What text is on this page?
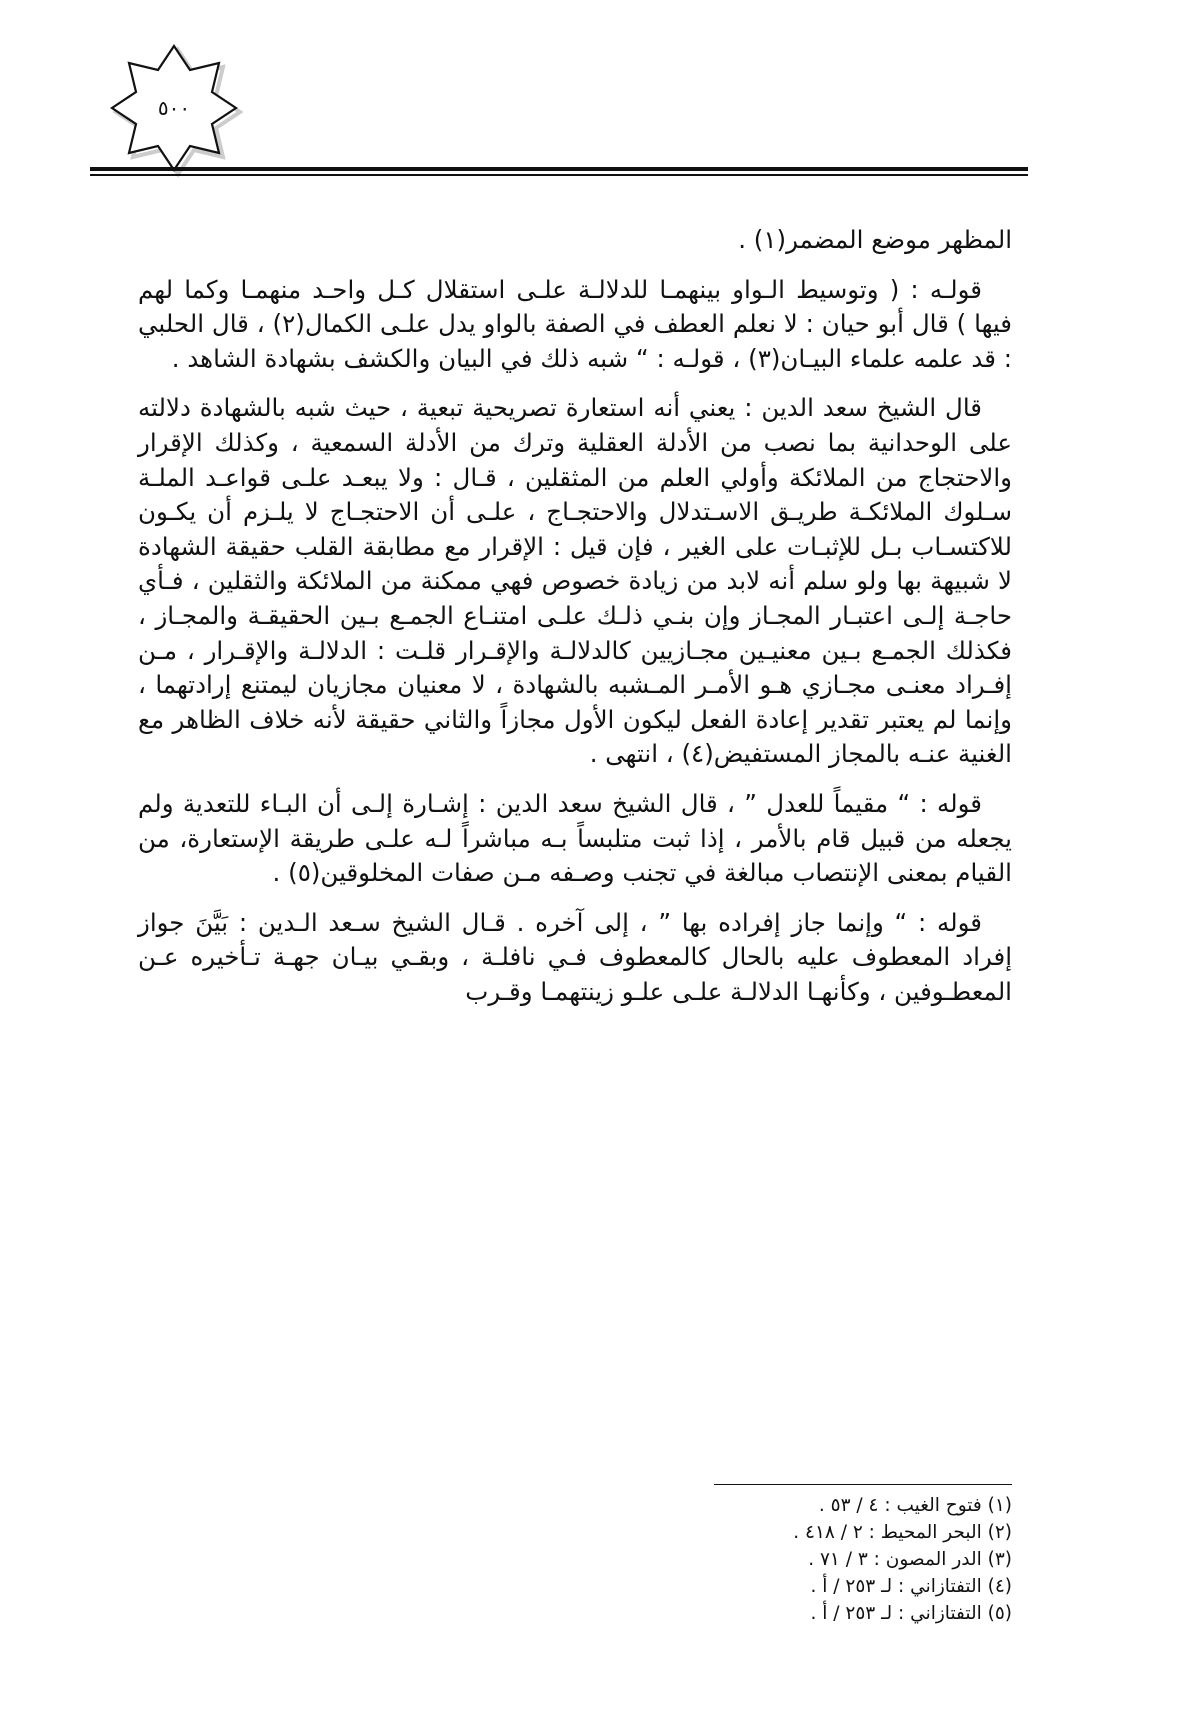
٥٠٠

المظهر موضع المضمر(١) .

قولـه : ( وتوسيط الـواو بينهمـا للدلالـة علـى استقلال كـل واحـد منهمـا وكما لهم فيها ) قال أبو حيان : لا نعلم العطف في الصفة بالواو يدل علـى الكمال(٢) ، قال الحلبي : قد علمه علماء البيـان(٣) ، قولـه : “ شبه ذلك في البيان والكشف بشهادة الشاهد .

قال الشيخ سعد الدين : يعني أنه استعارة تصريحية تبعية ، حيث شبه بالشهادة دلالته على الوحدانية بما نصب من الأدلة العقلية وترك من الأدلة السمعية ، وكذلك الإقرار والاحتجاج من الملائكة وأولي العلم من المثقلين ، قـال : ولا يبعـد علـى قواعـد الملـة سـلوك الملائكـة طريـق الاسـتدلال والاحتجـاج ، علـى أن الاحتجـاج لا يلـزم أن يكـون للاكتسـاب بـل للإثبـات على الغير ، فإن قيل : الإقرار مع مطابقة القلب حقيقة الشهادة لا شبيهة بها ولو سلم أنه لابد من زيادة خصوص فهي ممكنة من الملائكة والثقلين ، فـأي حاجـة إلـى اعتبـار المجـاز وإن بنـي ذلـك علـى امتنـاع الجمـع بـين الحقيقـة والمجـاز ، فكذلك الجمـع بـين معنيـين مجـازيين كالدلالـة والإقـرار قلـت : الدلالـة والإقـرار ، مـن إفـراد معنـى مجـازي هـو الأمـر المـشبه بالشهادة ، لا معنيان مجازيان ليمتنع إرادتهما ، وإنما لم يعتبر تقدير إعادة الفعل ليكون الأول مجازاً والثاني حقيقة لأنه خلاف الظاهر مع الغنية عنـه بالمجاز المستفيض(٤) ، انتهى .

قوله : “ مقيماً للعدل ” ، قال الشيخ سعد الدين : إشـارة إلـى أن البـاء للتعدية ولم يجعله من قبيل قام بالأمر ، إذا ثبت متلبساً بـه مباشراً لـه علـى طريقة الإستعارة، من القيام بمعنى الإنتصاب مبالغة في تجنب وصـفه مـن صفات المخلوقين(٥) .

قوله : “ وإنما جاز إفراده بها ” ، إلى آخره . قـال الشيخ سـعد الـدين : بَيَّنَ جواز إفراد المعطوف عليه بالحال كالمعطوف فـي نافلـة ، وبقـي بيـان جهـة تـأخيره عـن المعطـوفين ، وكأنهـا الدلالـة علـى علـو زينتهمـا وقـرب

(١) فتوح الغيب : ٤ / ٥٣ .
(٢) البحر المحيط : ٢ / ٤١٨ .
(٣) الدر المصون : ٣ / ٧١ .
(٤) التفتازاني : لـ ٢٥٣ / أ .
(٥) التفتازاني : لـ ٢٥٣ / أ .
